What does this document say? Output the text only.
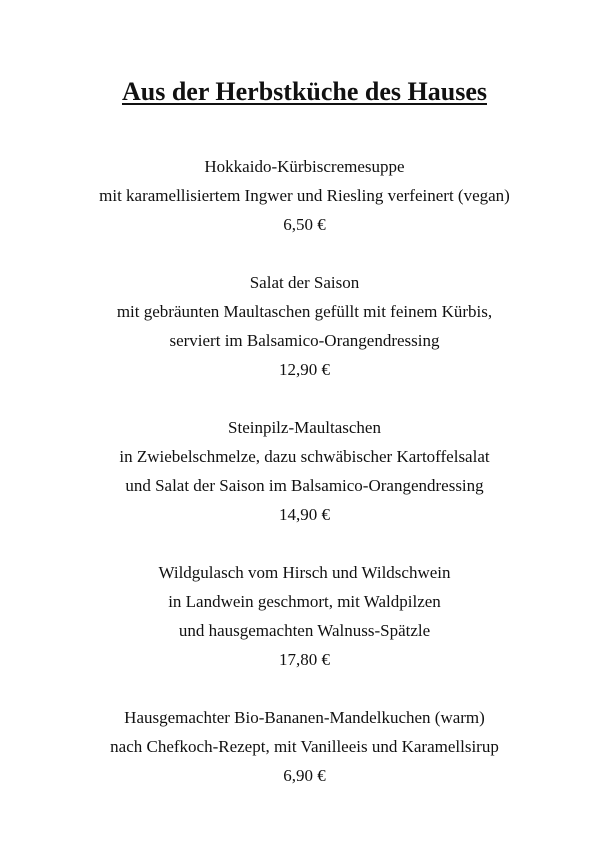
Aus der Herbstküche des Hauses
Hokkaido-Kürbiscremesuppe
mit karamellisiertem Ingwer und Riesling verfeinert (vegan)
6,50 €
Salat der Saison
mit gebräunten Maultaschen gefüllt mit feinem Kürbis,
serviert im Balsamico-Orangendressing
12,90 €
Steinpilz-Maultaschen
in Zwiebelschmelze, dazu schwäbischer Kartoffelsalat
und Salat der Saison im Balsamico-Orangendressing
14,90 €
Wildgulasch vom Hirsch und Wildschwein
in Landwein geschmort, mit Waldpilzen
und hausgemachten Walnuss-Spätzle
17,80 €
Hausgemachter Bio-Bananen-Mandelkuchen (warm)
nach Chefkoch-Rezept, mit Vanilleeis und Karamellsirup
6,90 €
